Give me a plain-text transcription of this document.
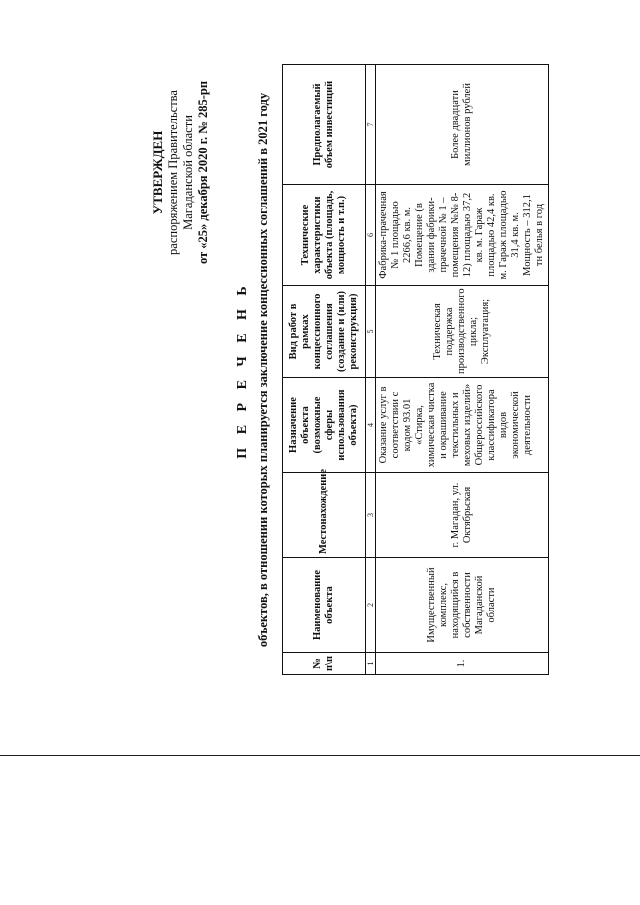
УТВЕРЖДЕН распоряжением Правительства Магаданской области от «25» декабря 2020 г. № 285-рп
П Е Р Е Ч Е Н Ь объектов, в отношении которых планируется заключение концессионных соглашений в 2021 году
№ п\п	Наименование объекта	Местонахождение	Назначение объекта (возможные сферы использования объекта)	Вид работ в рамках концессионного соглашения (создание и (или) реконструкция)	Технические характеристики объекта (площадь, мощность и т.п.)	Предполагаемый объем инвестиций
1	2	3	4	5	6	7
1.	Имущественный комплекс, находящийся в собственности Магаданской области	г. Магадан, ул. Октябрьская	Оказание услуг в соответствии с кодом 93.01 «Стирка, химическая чистка и окрашивание текстильных и меховых изделий» Общероссийского классификатора видов экономической деятельности	Техническая поддержка производственного цикла; Эксплуатация;	Фабрика-прачечная № 1 площадью 2266,6 кв. м. Помещение (в здании фабрики-прачечной № 1 – помещения №№ 8-12) площадью 37,2 кв. м. Гараж площадью 42,4 кв. м. Гараж площадью 31,4 кв. м. Мощность – 312,1 тн белья в год	Более двадцати миллионов рублей
